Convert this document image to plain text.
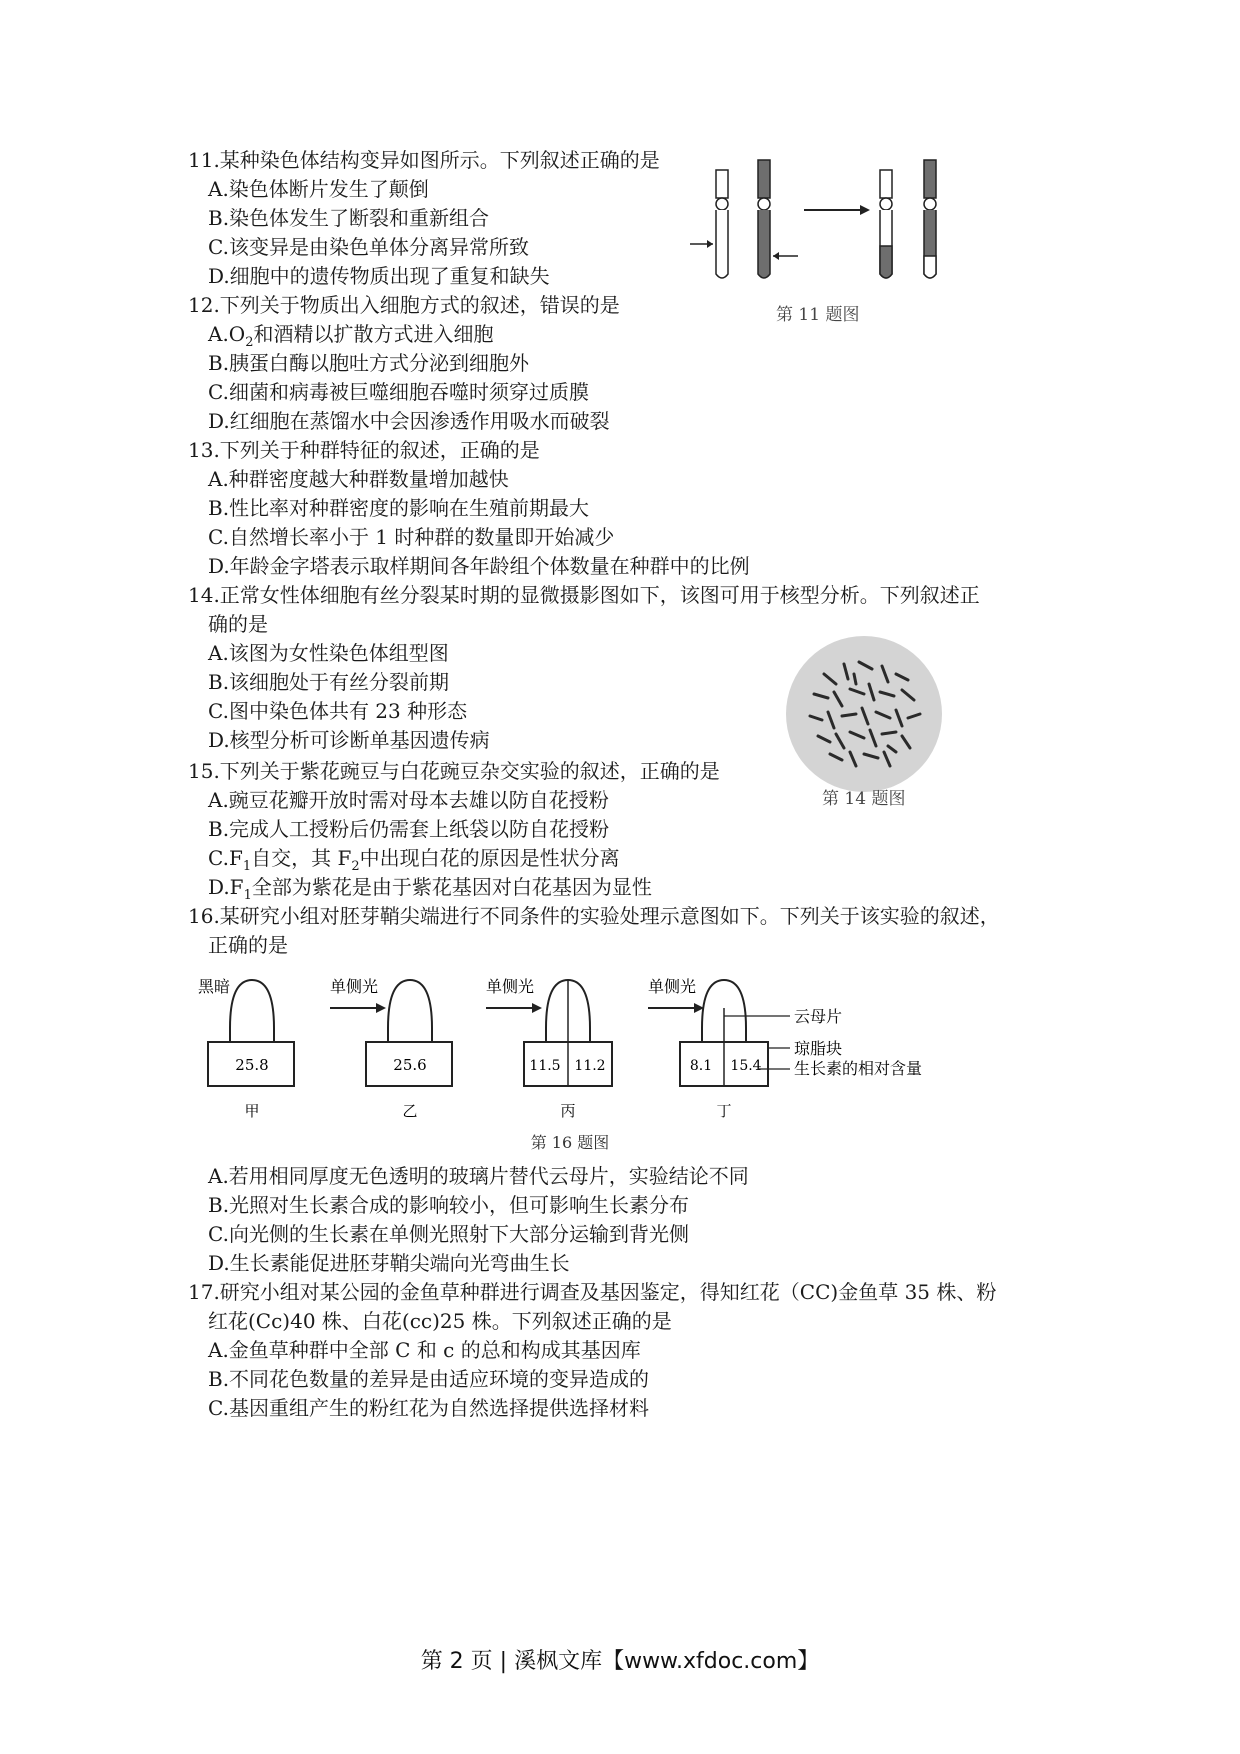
11.某种染色体结构变异如图所示。下列叙述正确的是
A.染色体断片发生了颠倒
B.染色体发生了断裂和重新组合
C.该变异是由染色单体分离异常所致
D.细胞中的遗传物质出现了重复和缺失
第 11 题图
12.下列关于物质出入细胞方式的叙述，错误的是
$A.O_2$和酒精以扩散方式进入细胞
B.胰蛋白酶以胞吐方式分泌到细胞外
C.细菌和病毒被巨噬细胞吞噬时须穿过质膜
D.红细胞在蒸馏水中会因渗透作用吸水而破裂
13.下列关于种群特征的叙述，正确的是
A.种群密度越大种群数量增加越快
B.性比率对种群密度的影响在生殖前期最大
C.自然增长率小于 1 时种群的数量即开始减少
D.年龄金字塔表示取样期间各年龄组个体数量在种群中的比例
14.正常女性体细胞有丝分裂某时期的显微摄影图如下，该图可用于核型分析。下列叙述正
确的是
A.该图为女性染色体组型图
B.该细胞处于有丝分裂前期
C.图中染色体共有 23 种形态
D.核型分析可诊断单基因遗传病
第 14 题图
15.下列关于紫花豌豆与白花豌豆杂交实验的叙述，正确的是
A.豌豆花瓣开放时需对母本去雄以防自花授粉
B.完成人工授粉后仍需套上纸袋以防自花授粉
$C.F_1$自交，其 $F_2$中出现白花的原因是性状分离
$D.F_1$全部为紫花是由于紫花基因对白花基因为显性
16.某研究小组对胚芽鞘尖端进行不同条件的实验处理示意图如下。下列关于该实验的叙述，
正确的是
黑暗
25.8
甲
单侧光
25.6
乙
单侧光
11.5 11.2
丙
单侧光
8.1 15.4
丁
云母片
琼脂块
生长素的相对含量
第 16 题图
A.若用相同厚度无色透明的玻璃片替代云母片，实验结论不同
B.光照对生长素合成的影响较小，但可影响生长素分布
C.向光侧的生长素在单侧光照射下大部分运输到背光侧
D.生长素能促进胚芽鞘尖端向光弯曲生长
17.研究小组对某公园的金鱼草种群进行调查及基因鉴定，得知红花（CC)金鱼草 35 株、粉
红花(Cc)40 株、白花(cc)25 株。下列叙述正确的是
A.金鱼草种群中全部 C 和 c 的总和构成其基因库
B.不同花色数量的差异是由适应环境的变异造成的
C.基因重组产生的粉红花为自然选择提供选择材料
第 2 页 | 溪枫文库【www.xfdoc.com】
